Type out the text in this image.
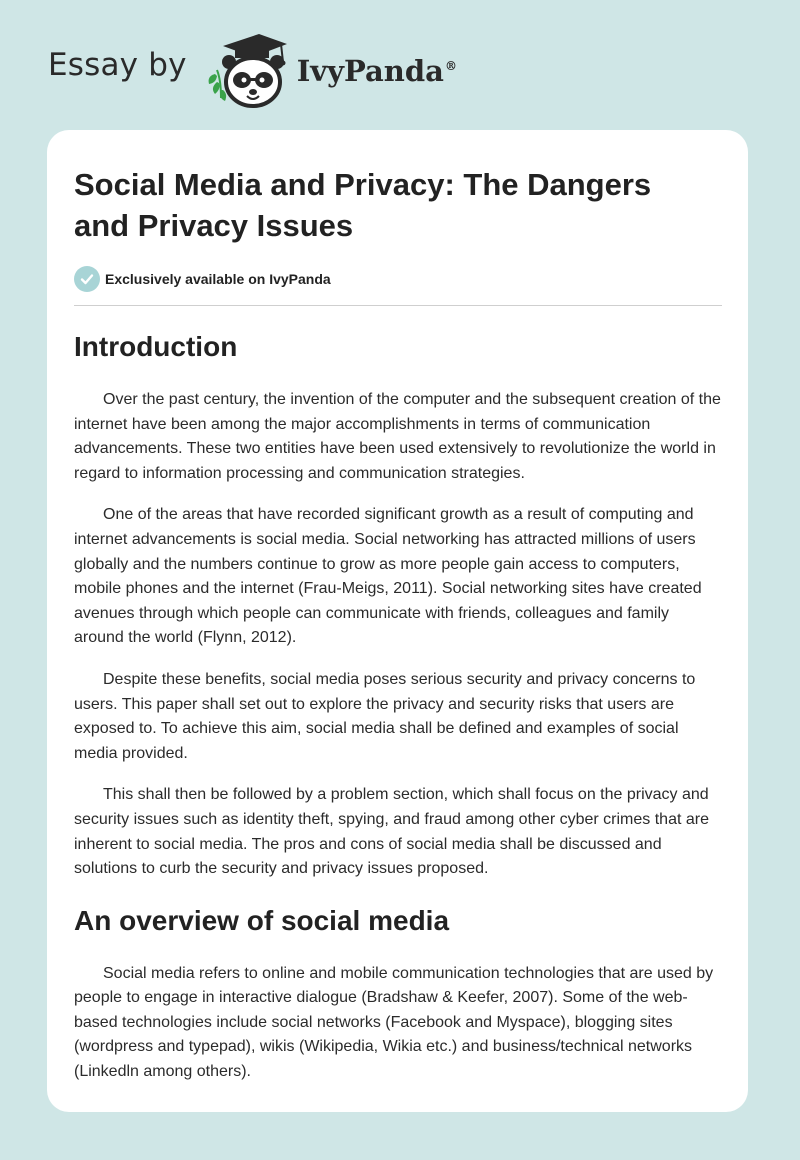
Essay by	IvyPanda®
Social Media and Privacy: The Dangers and Privacy Issues
Exclusively available on IvyPanda
Introduction

Over the past century, the invention of the computer and the subsequent creation of the internet have been among the major accomplishments in terms of communication advancements. These two entities have been used extensively to revolutionize the world in regard to information processing and communication strategies.

One of the areas that have recorded significant growth as a result of computing and internet advancements is social media. Social networking has attracted millions of users globally and the numbers continue to grow as more people gain access to computers, mobile phones and the internet (Frau-Meigs, 2011). Social networking sites have created avenues through which people can communicate with friends, colleagues and family around the world (Flynn, 2012).

Despite these benefits, social media poses serious security and privacy concerns to users. This paper shall set out to explore the privacy and security risks that users are exposed to. To achieve this aim, social media shall be defined and examples of social media provided.

This shall then be followed by a problem section, which shall focus on the privacy and security issues such as identity theft, spying, and fraud among other cyber crimes that are inherent to social media. The pros and cons of social media shall be discussed and solutions to curb the security and privacy issues proposed.

An overview of social media

Social media refers to online and mobile communication technologies that are used by people to engage in interactive dialogue (Bradshaw & Keefer, 2007). Some of the web-based technologies include social networks (Facebook and Myspace), blogging sites (wordpress and typepad), wikis (Wikipedia, Wikia etc.) and business/technical networks (Linkedln among others).
